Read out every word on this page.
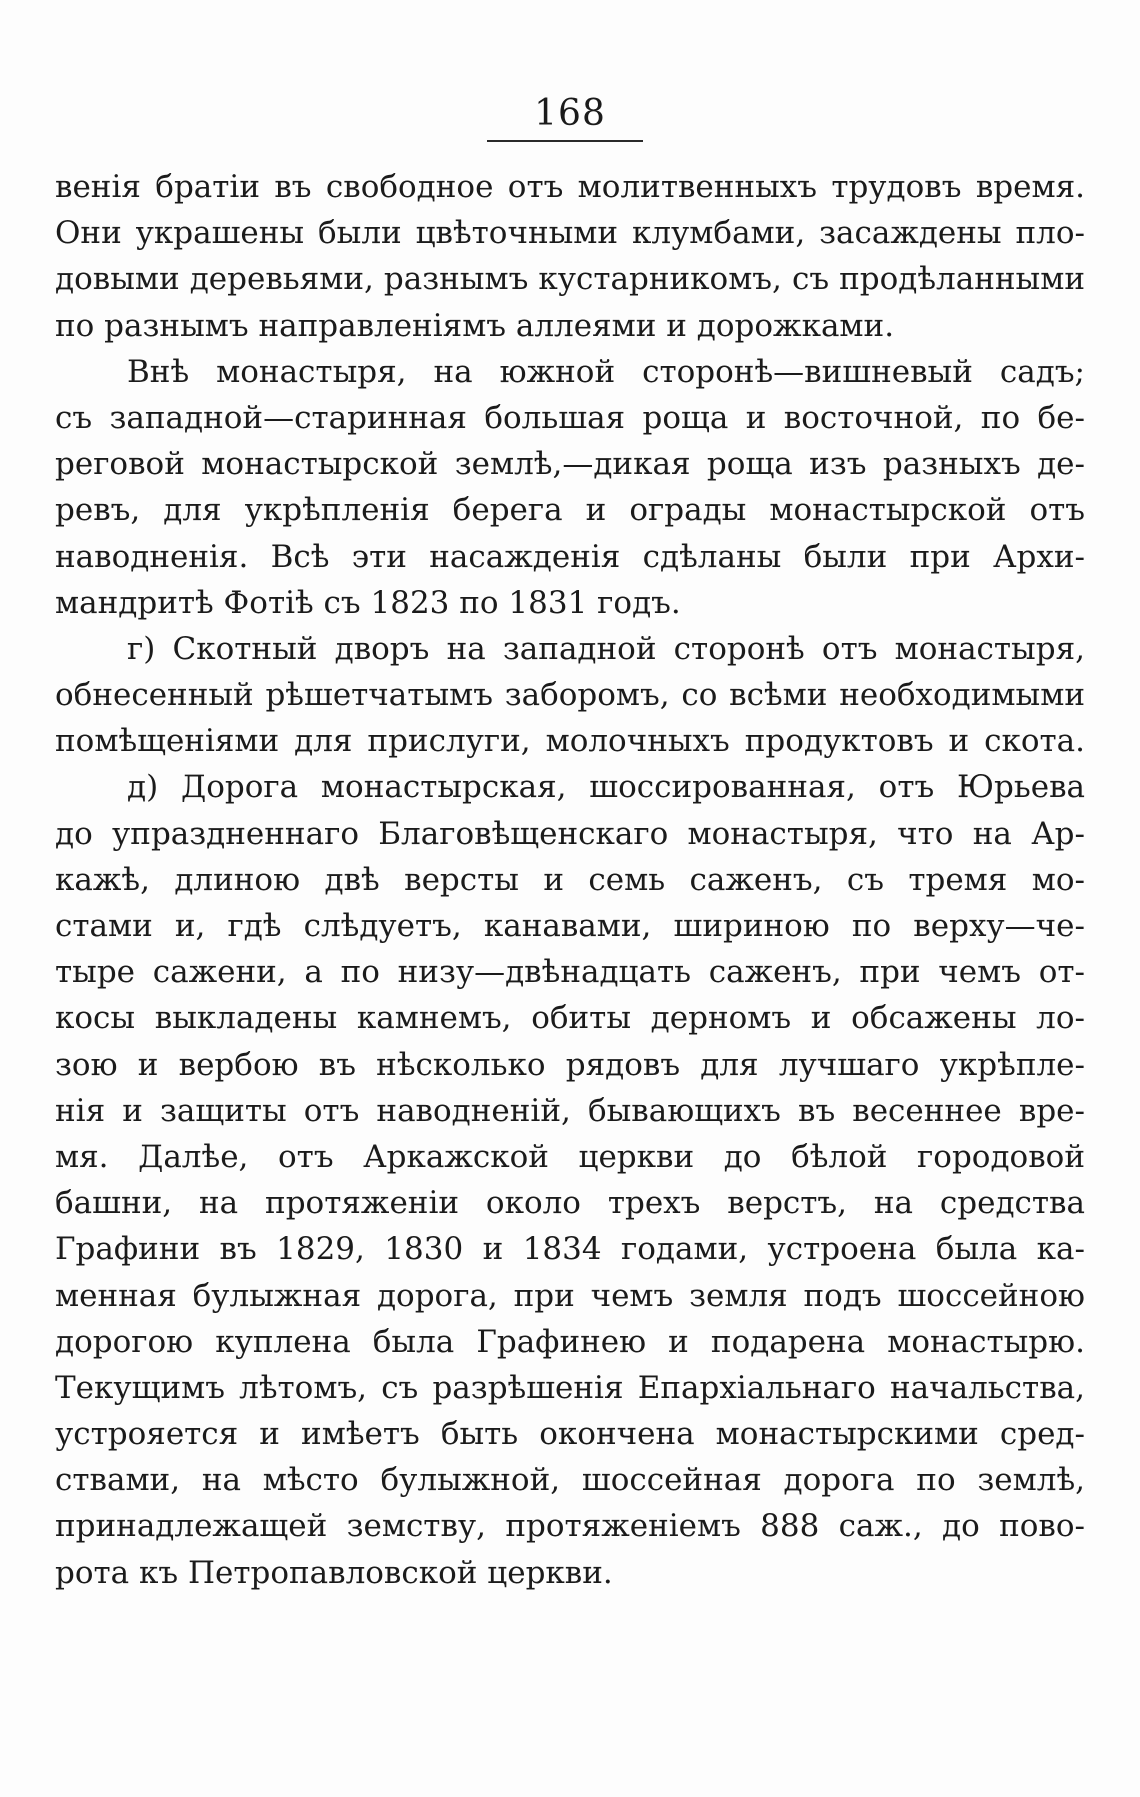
168
венія братіи въ свободное отъ молитвенныхъ трудовъ время.
Они украшены были цвѣточными клумбами, засаждены пло-
довыми деревьями, разнымъ кустарникомъ, съ продѣланными
по разнымъ направленіямъ аллеями и дорожками.
Внѣ монастыря, на южной сторонѣ—вишневый садъ;
съ западной—старинная большая роща и восточной, по бе-
реговой монастырской землѣ,—дикая роща изъ разныхъ де-
ревъ, для укрѣпленія берега и ограды монастырской отъ
наводненія. Всѣ эти насажденія сдѣланы были при Архи-
мандритѣ Фотіѣ съ 1823 по 1831 годъ.
г) Скотный дворъ на западной сторонѣ отъ монастыря,
обнесенный рѣшетчатымъ заборомъ, со всѣми необходимыми
помѣщеніями для прислуги, молочныхъ продуктовъ и скота.
д) Дорога монастырская, шоссированная, отъ Юрьева
до упраздненнаго Благовѣщенскаго монастыря, что на Ар-
кажѣ, длиною двѣ версты и семь саженъ, съ тремя мо-
стами и, гдѣ слѣдуетъ, канавами, шириною по верху—че-
тыре сажени, а по низу—двѣнадцать саженъ, при чемъ от-
косы выкладены камнемъ, обиты дерномъ и обсажены ло-
зою и вербою въ нѣсколько рядовъ для лучшаго укрѣпле-
нія и защиты отъ наводненій, бывающихъ въ весеннее вре-
мя. Далѣе, отъ Аркажской церкви до бѣлой городовой
башни, на протяженіи около трехъ верстъ, на средства
Графини въ 1829, 1830 и 1834 годами, устроена была ка-
менная булыжная дорога, при чемъ земля подъ шоссейною
дорогою куплена была Графинею и подарена монастырю.
Текущимъ лѣтомъ, съ разрѣшенія Епархіальнаго начальства,
устрояется и имѣетъ быть окончена монастырскими сред-
ствами, на мѣсто булыжной, шоссейная дорога по землѣ,
принадлежащей земству, протяженіемъ 888 саж., до пово-
рота къ Петропавловской церкви.
